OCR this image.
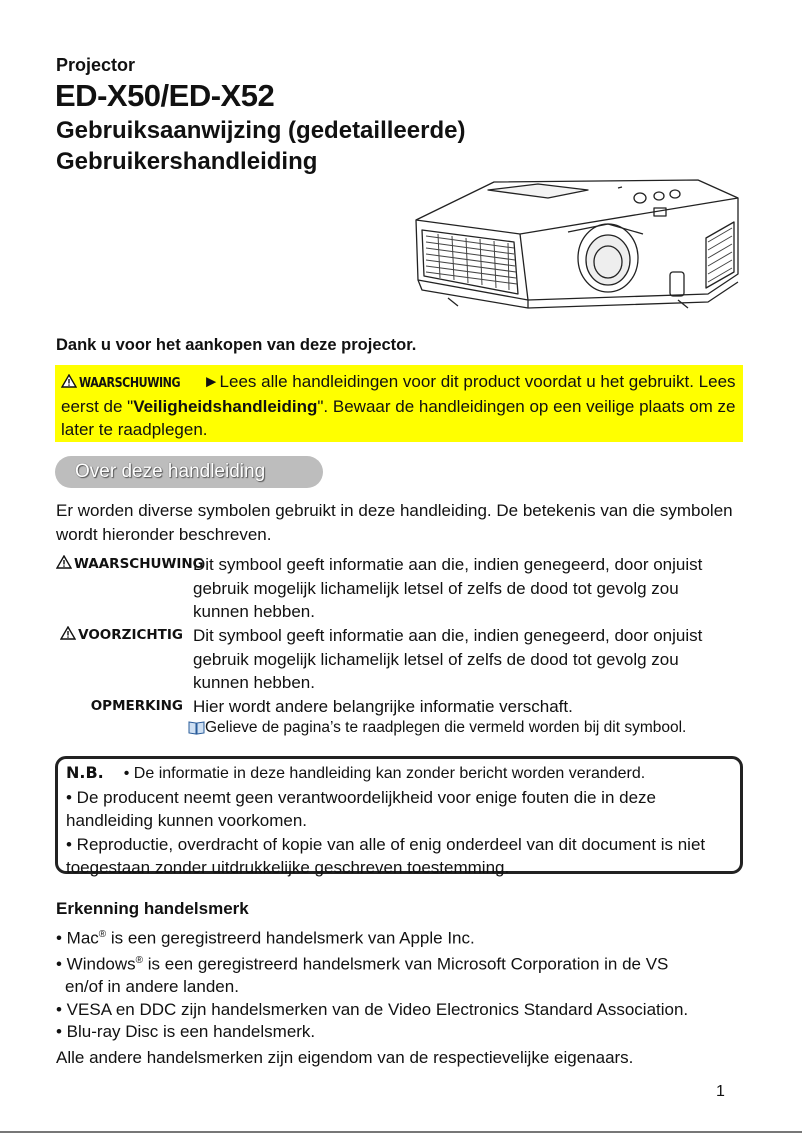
Projector
ED-X50/ED-X52
Gebruiksaanwijzing (gedetailleerde)
Gebruikershandleiding
Dank u voor het aankopen van deze projector.
WAARSCHUWING ►Lees alle handleidingen voor dit product voordat u het gebruikt. Lees eerst de "Veiligheidshandleiding". Bewaar de handleidingen op een veilige plaats om ze later te raadplegen.
Over deze handleiding
Er worden diverse symbolen gebruikt in deze handleiding. De betekenis van die symbolen wordt hieronder beschreven.
WAARSCHUWING
Dit symbool geeft informatie aan die, indien genegeerd, door onjuist gebruik mogelijk lichamelijk letsel of zelfs de dood tot gevolg zou kunnen hebben.
VOORZICHTIG Dit symbool geeft informatie aan die, indien genegeerd, door onjuist gebruik mogelijk lichamelijk letsel of zelfs de dood tot gevolg zou kunnen hebben.
OPMERKING Hier wordt andere belangrijke informatie verschaft.
Gelieve de pagina’s te raadplegen die vermeld worden bij dit symbool.
N.B. • De informatie in deze handleiding kan zonder bericht worden veranderd.
• De producent neemt geen verantwoordelijkheid voor enige fouten die in deze handleiding kunnen voorkomen.
• Reproductie, overdracht of kopie van alle of enig onderdeel van dit document is niet toegestaan zonder uitdrukkelijke geschreven toestemming.
Erkenning handelsmerk
• Mac® is een geregistreerd handelsmerk van Apple Inc.
• Windows® is een geregistreerd handelsmerk van Microsoft Corporation in de VS
en/of in andere landen.
• VESA en DDC zijn handelsmerken van de Video Electronics Standard Association.
• Blu-ray Disc is een handelsmerk.
Alle andere handelsmerken zijn eigendom van de respectievelijke eigenaars.
1
